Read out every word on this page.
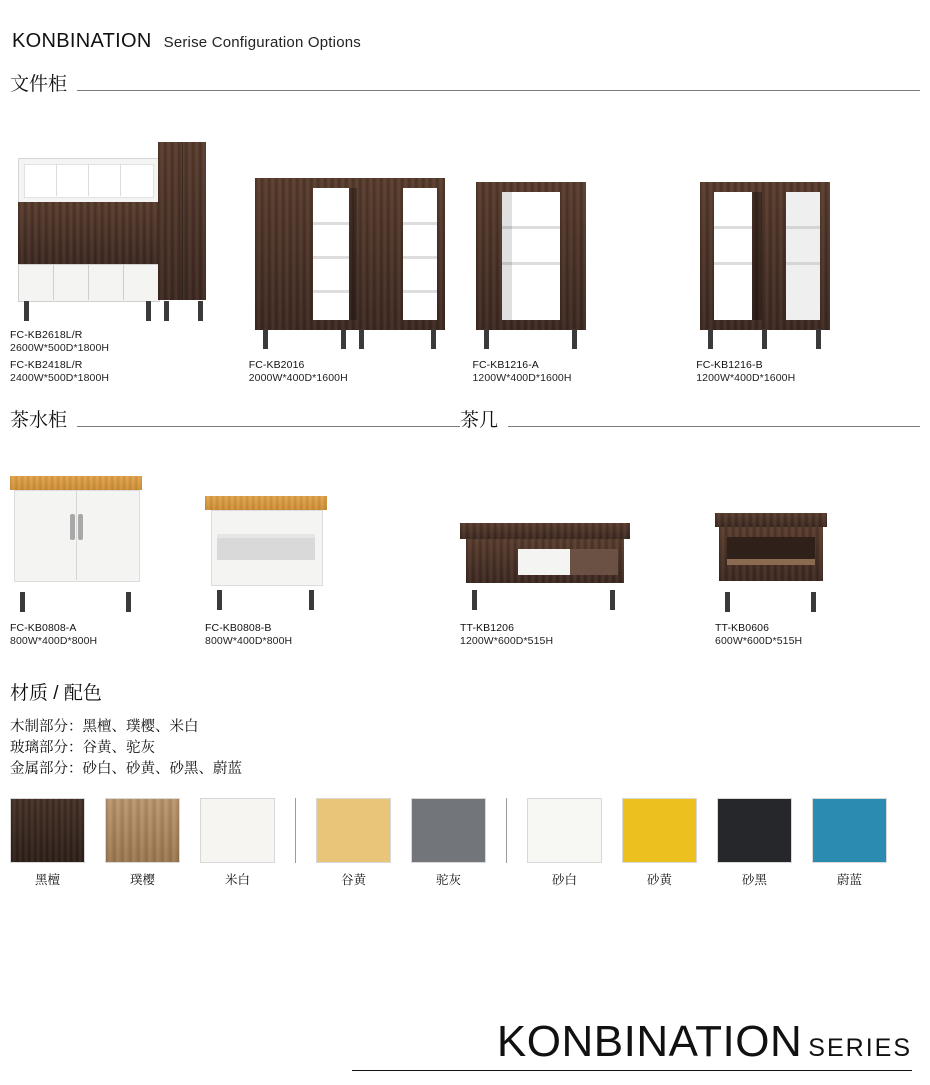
KONBINATION Serise Configuration Options
文件柜
FC-KB2618L/R
2600W*500D*1800H
FC-KB2418L/R
2400W*500D*1800H
FC-KB2016
2000W*400D*1600H
FC-KB1216-A
1200W*400D*1600H
FC-KB1216-B
1200W*400D*1600H
茶水柜
FC-KB0808-A
800W*400D*800H
FC-KB0808-B
800W*400D*800H
茶几
TT-KB1206
1200W*600D*515H
TT-KB0606
600W*600D*515H
材质 / 配色
木制部分：黑檀、璞樱、米白
玻璃部分：谷黄、驼灰
金属部分：砂白、砂黄、砂黑、蔚蓝
黑檀	璞樱	米白	谷黄	驼灰	砂白	砂黄	砂黑	蔚蓝
KONBINATION SERIES
